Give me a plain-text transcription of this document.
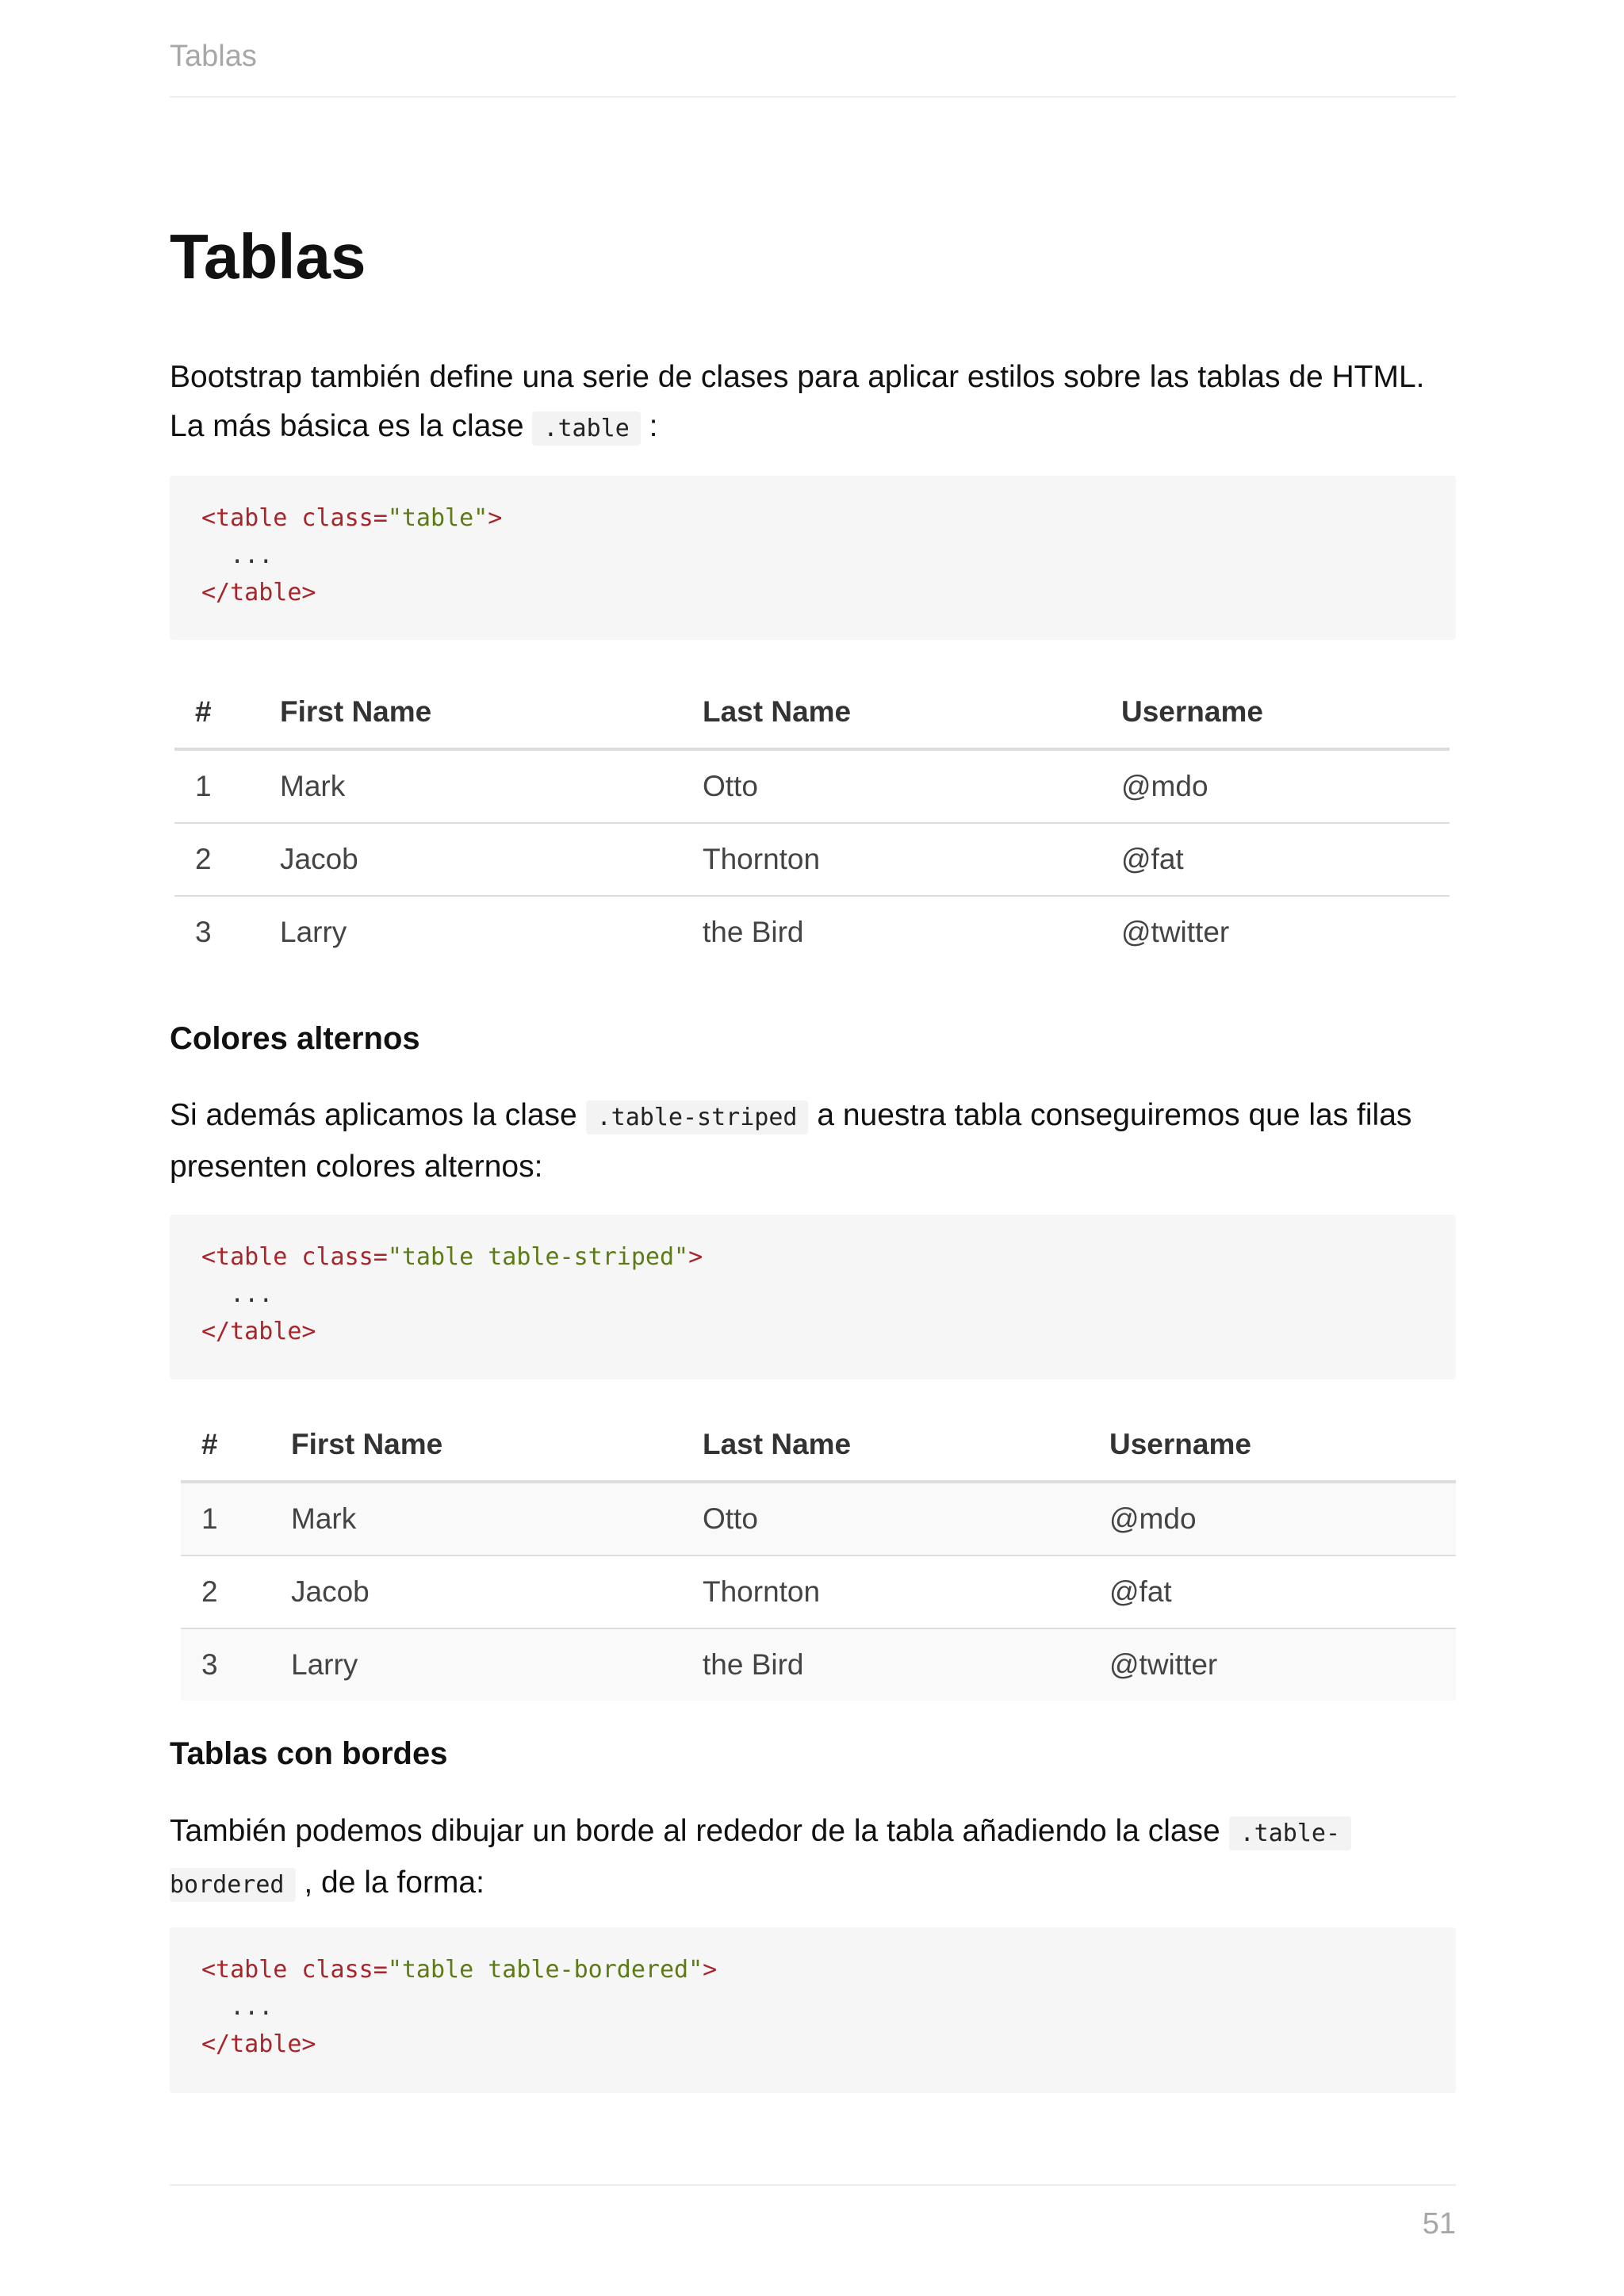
Tablas
Tablas

Bootstrap también define una serie de clases para aplicar estilos sobre las tablas de HTML.
La más básica es la clase .table :

<table class="table">
...
</table>
#	First Name	Last Name	Username
1	Mark	Otto	@mdo
2	Jacob	Thornton	@fat
3	Larry	the Bird	@twitter
Colores alternos

Si además aplicamos la clase .table-striped a nuestra tabla conseguiremos que las filas
presenten colores alternos:

<table class="table table-striped">
...
</table>
#	First Name	Last Name	Username
1	Mark	Otto	@mdo
2	Jacob	Thornton	@fat
3	Larry	the Bird	@twitter
Tablas con bordes

También podemos dibujar un borde al rededor de la tabla añadiendo la clase .table-
bordered , de la forma:

<table class="table table-bordered">
...
</table>
51
